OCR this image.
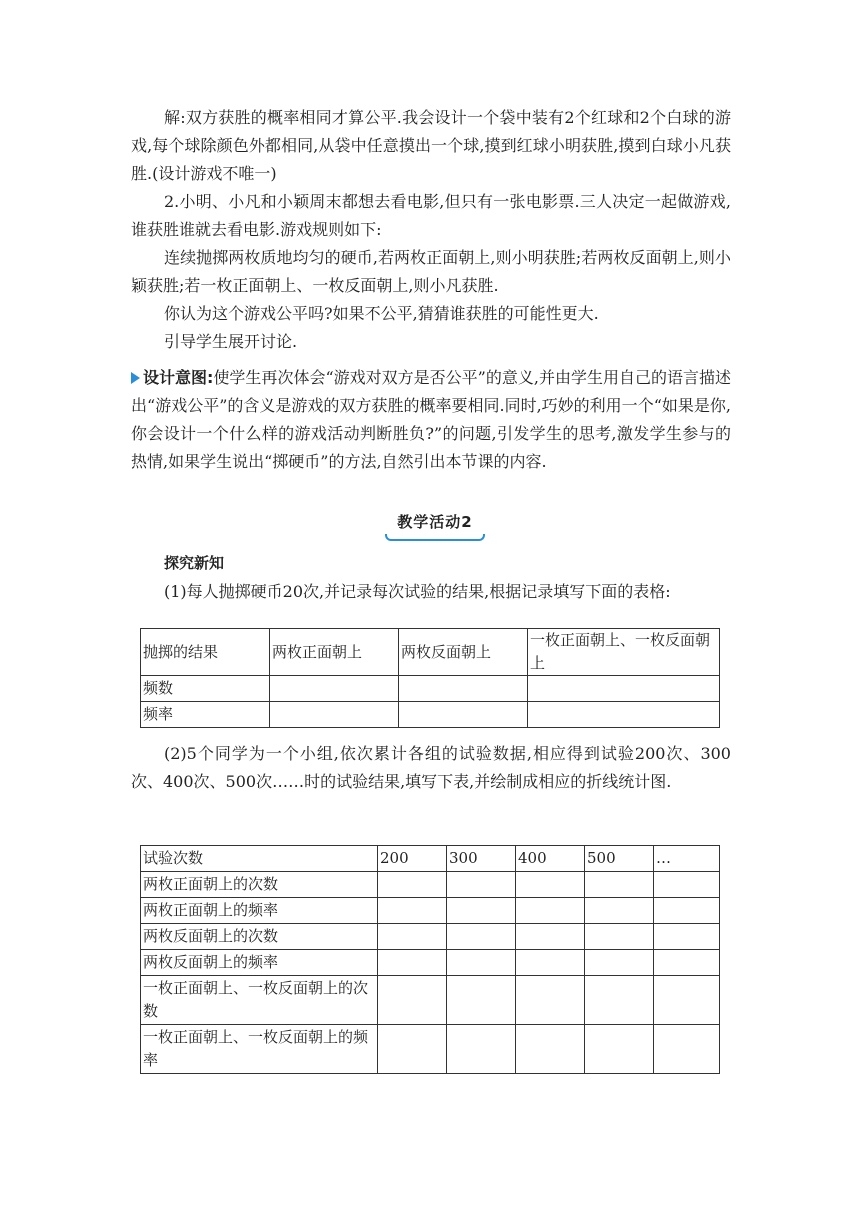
解:双方获胜的概率相同才算公平.我会设计一个袋中装有2个红球和2个白球的游戏,每个球除颜色外都相同,从袋中任意摸出一个球,摸到红球小明获胜,摸到白球小凡获胜.(设计游戏不唯一)

2.小明、小凡和小颖周末都想去看电影,但只有一张电影票.三人决定一起做游戏,谁获胜谁就去看电影.游戏规则如下:

连续抛掷两枚质地均匀的硬币,若两枚正面朝上,则小明获胜;若两枚反面朝上,则小颖获胜;若一枚正面朝上、一枚反面朝上,则小凡获胜.

你认为这个游戏公平吗?如果不公平,猜猜谁获胜的可能性更大.

引导学生展开讨论.

设计意图:使学生再次体会“游戏对双方是否公平”的意义,并由学生用自己的语言描述出“游戏公平”的含义是游戏的双方获胜的概率要相同.同时,巧妙的利用一个“如果是你,你会设计一个什么样的游戏活动判断胜负?”的问题,引发学生的思考,激发学生参与的热情,如果学生说出“掷硬币”的方法,自然引出本节课的内容.

教学活动2
探究新知

(1)每人抛掷硬币20次,并记录每次试验的结果,根据记录填写下面的表格:

抛掷的结果	两枚正面朝上	两枚反面朝上	一枚正面朝上、一枚反面朝上
频数			
频率			

(2)5个同学为一个小组,依次累计各组的试验数据,相应得到试验200次、300次、400次、500次……时的试验结果,填写下表,并绘制成相应的折线统计图.

试验次数	200	300	400	500	…
两枚正面朝上的次数					
两枚正面朝上的频率					
两枚反面朝上的次数					
两枚反面朝上的频率					
一枚正面朝上、一枚反面朝上的次数					
一枚正面朝上、一枚反面朝上的频率					
